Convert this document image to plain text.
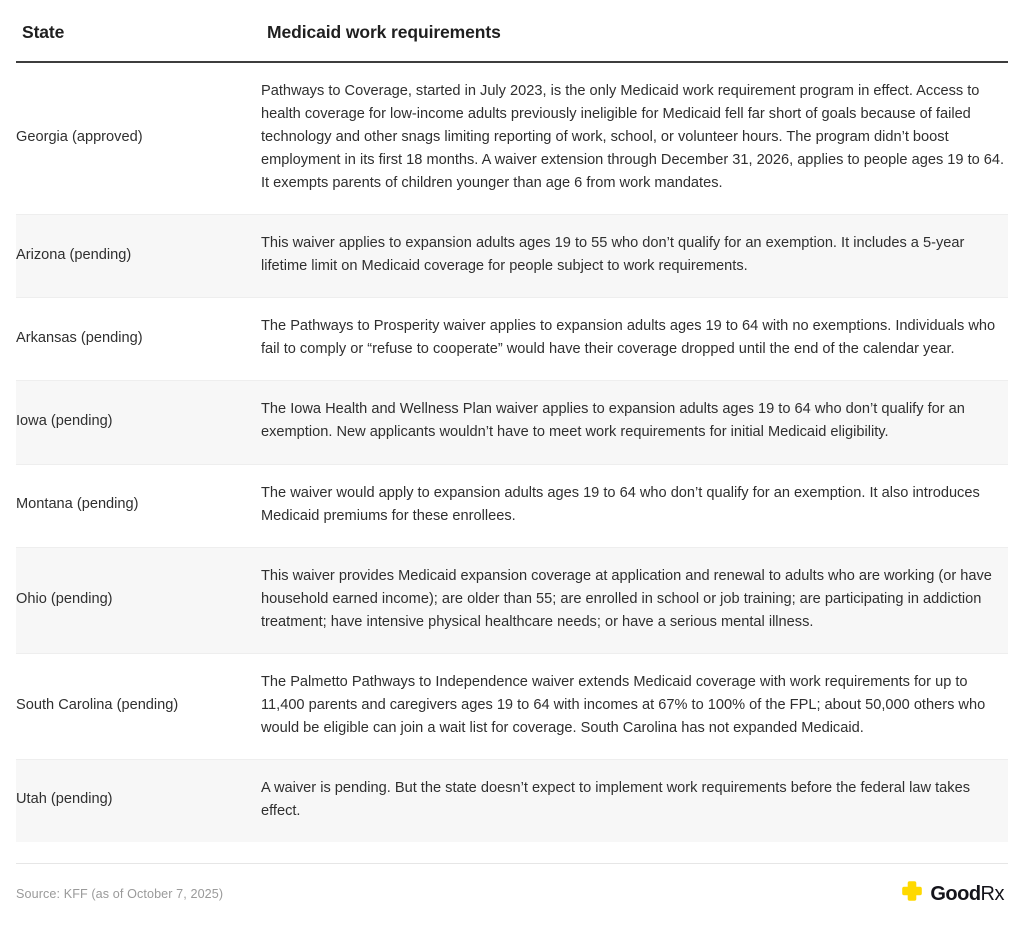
State	Medicaid work requirements
Georgia (approved)	Pathways to Coverage, started in July 2023, is the only Medicaid work requirement program in effect. Access to health coverage for low-income adults previously ineligible for Medicaid fell far short of goals because of failed technology and other snags limiting reporting of work, school, or volunteer hours. The program didn’t boost employment in its first 18 months. A waiver extension through December 31, 2026, applies to people ages 19 to 64. It exempts parents of children younger than age 6 from work mandates.
Arizona (pending)	This waiver applies to expansion adults ages 19 to 55 who don’t qualify for an exemption. It includes a 5-year lifetime limit on Medicaid coverage for people subject to work requirements.
Arkansas (pending)	The Pathways to Prosperity waiver applies to expansion adults ages 19 to 64 with no exemptions. Individuals who fail to comply or “refuse to cooperate” would have their coverage dropped until the end of the calendar year.
Iowa (pending)	The Iowa Health and Wellness Plan waiver applies to expansion adults ages 19 to 64 who don’t qualify for an exemption. New applicants wouldn’t have to meet work requirements for initial Medicaid eligibility.
Montana (pending)	The waiver would apply to expansion adults ages 19 to 64 who don’t qualify for an exemption. It also introduces Medicaid premiums for these enrollees.
Ohio (pending)	This waiver provides Medicaid expansion coverage at application and renewal to adults who are working (or have household earned income); are older than 55; are enrolled in school or job training; are participating in addiction treatment; have intensive physical healthcare needs; or have a serious mental illness.
South Carolina (pending)	The Palmetto Pathways to Independence waiver extends Medicaid coverage with work requirements for up to 11,400 parents and caregivers ages 19 to 64 with incomes at 67% to 100% of the FPL; about 50,000 others who would be eligible can join a wait list for coverage. South Carolina has not expanded Medicaid.
Utah (pending)	A waiver is pending. But the state doesn’t expect to implement work requirements before the federal law takes effect.
Source: KFF (as of October 7, 2025)	GoodRx
